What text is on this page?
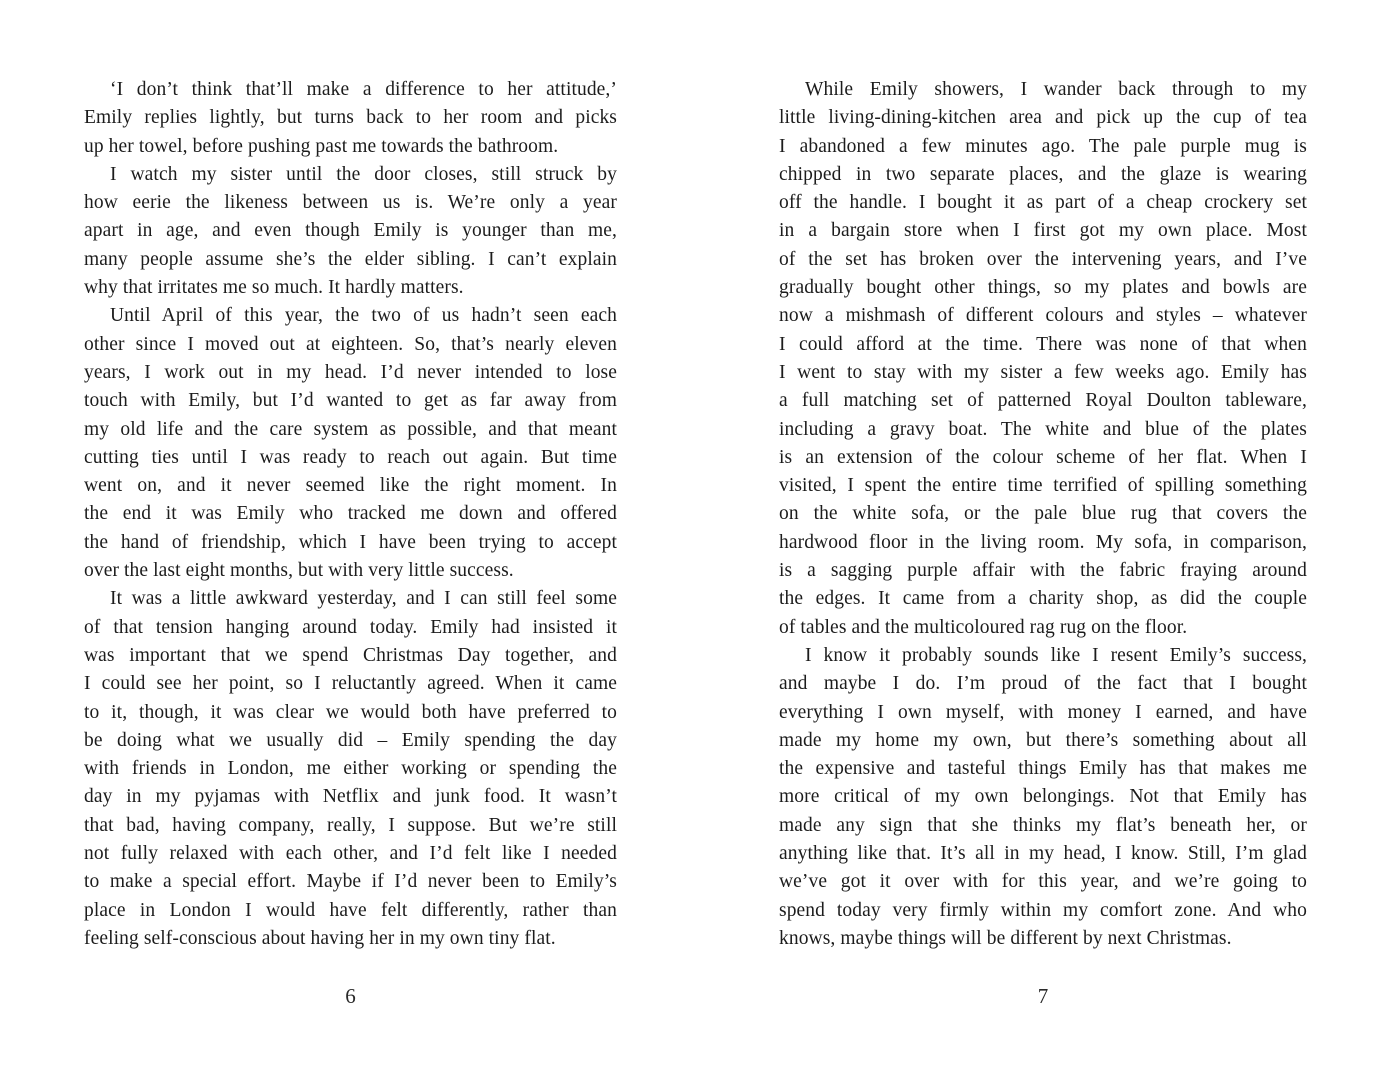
‘I don’t think that’ll make a difference to her attitude,’
Emily replies lightly, but turns back to her room and picks
up her towel, before pushing past me towards the bathroom.
I watch my sister until the door closes, still struck by
how eerie the likeness between us is. We’re only a year
apart in age, and even though Emily is younger than me,
many people assume she’s the elder sibling. I can’t explain
why that irritates me so much. It hardly matters.
Until April of this year, the two of us hadn’t seen each
other since I moved out at eighteen. So, that’s nearly eleven
years, I work out in my head. I’d never intended to lose
touch with Emily, but I’d wanted to get as far away from
my old life and the care system as possible, and that meant
cutting ties until I was ready to reach out again. But time
went on, and it never seemed like the right moment. In
the end it was Emily who tracked me down and offered
the hand of friendship, which I have been trying to accept
over the last eight months, but with very little success.
It was a little awkward yesterday, and I can still feel some
of that tension hanging around today. Emily had insisted it
was important that we spend Christmas Day together, and
I could see her point, so I reluctantly agreed. When it came
to it, though, it was clear we would both have preferred to
be doing what we usually did – Emily spending the day
with friends in London, me either working or spending the
day in my pyjamas with Netflix and junk food. It wasn’t
that bad, having company, really, I suppose. But we’re still
not fully relaxed with each other, and I’d felt like I needed
to make a special effort. Maybe if I’d never been to Emily’s
place in London I would have felt differently, rather than
feeling self-conscious about having her in my own tiny flat.
6
While Emily showers, I wander back through to my
little living-dining-kitchen area and pick up the cup of tea
I abandoned a few minutes ago. The pale purple mug is
chipped in two separate places, and the glaze is wearing
off the handle. I bought it as part of a cheap crockery set
in a bargain store when I first got my own place. Most
of the set has broken over the intervening years, and I’ve
gradually bought other things, so my plates and bowls are
now a mishmash of different colours and styles – whatever
I could afford at the time. There was none of that when
I went to stay with my sister a few weeks ago. Emily has
a full matching set of patterned Royal Doulton tableware,
including a gravy boat. The white and blue of the plates
is an extension of the colour scheme of her flat. When I
visited, I spent the entire time terrified of spilling something
on the white sofa, or the pale blue rug that covers the
hardwood floor in the living room. My sofa, in comparison,
is a sagging purple affair with the fabric fraying around
the edges. It came from a charity shop, as did the couple
of tables and the multicoloured rag rug on the floor.
I know it probably sounds like I resent Emily’s success,
and maybe I do. I’m proud of the fact that I bought
everything I own myself, with money I earned, and have
made my home my own, but there’s something about all
the expensive and tasteful things Emily has that makes me
more critical of my own belongings. Not that Emily has
made any sign that she thinks my flat’s beneath her, or
anything like that. It’s all in my head, I know. Still, I’m glad
we’ve got it over with for this year, and we’re going to
spend today very firmly within my comfort zone. And who
knows, maybe things will be different by next Christmas.
7
